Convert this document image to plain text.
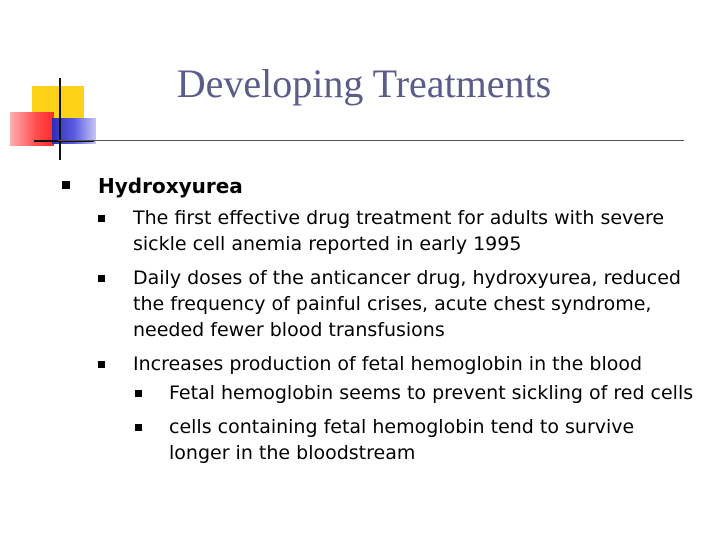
Developing Treatments
Hydroxyurea
The first effective drug treatment for adults with severe sickle cell anemia reported in early 1995
Daily doses of the anticancer drug, hydroxyurea, reduced the frequency of painful crises, acute chest syndrome, needed fewer blood transfusions
Increases production of fetal hemoglobin in the blood
Fetal hemoglobin seems to prevent sickling of red cells
cells containing fetal hemoglobin tend to survive longer in the bloodstream
